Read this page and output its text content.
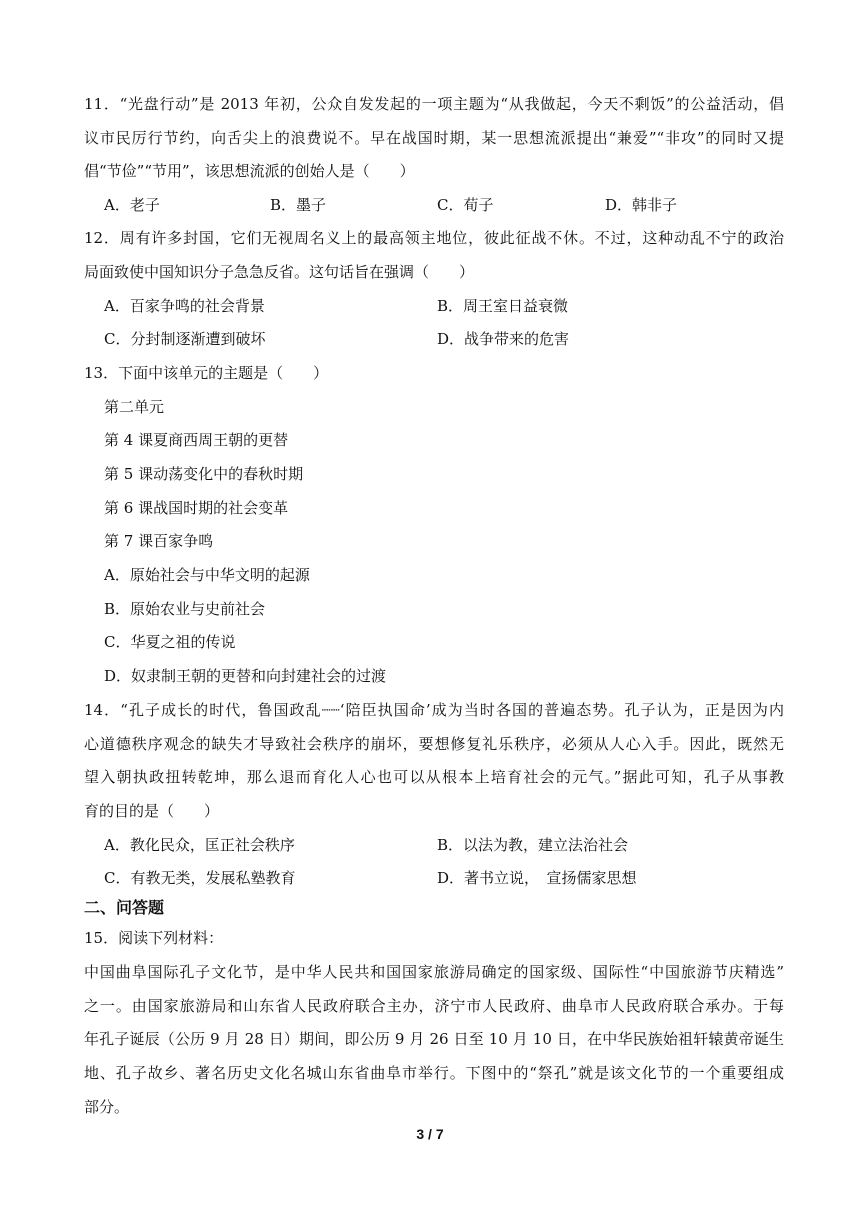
11．“光盘行动”是 2013 年初，公众自发发起的一项主题为“从我做起，今天不剩饭”的公益活动，倡
议市民厉行节约，向舌尖上的浪费说不。早在战国时期，某一思想流派提出“兼爱”“非攻”的同时又提
倡“节俭”“节用”，该思想流派的创始人是（　　）
A．老子	B．墨子	C．荀子	D．韩非子
12．周有许多封国，它们无视周名义上的最高领主地位，彼此征战不休。不过，这种动乱不宁的政治
局面致使中国知识分子急急反省。这句话旨在强调（　　）
A．百家争鸣的社会背景	B．周王室日益衰微
C．分封制逐渐遭到破坏	D．战争带来的危害
13．下面中该单元的主题是（　　）
第二单元
第 4 课夏商西周王朝的更替
第 5 课动荡变化中的春秋时期
第 6 课战国时期的社会变革
第 7 课百家争鸣
A．原始社会与中华文明的起源
B．原始农业与史前社会
C．华夏之祖的传说
D．奴隶制王朝的更替和向封建社会的过渡
14．“孔子成长的时代，鲁国政乱┈┈‘陪臣执国命’成为当时各国的普遍态势。孔子认为，正是因为内
心道德秩序观念的缺失才导致社会秩序的崩坏，要想修复礼乐秩序，必须从人心入手。因此，既然无
望入朝执政扭转乾坤，那么退而育化人心也可以从根本上培育社会的元气。”据此可知，孔子从事教
育的目的是（　　）
A．教化民众，匡正社会秩序	B．以法为教，建立法治社会
C．有教无类，发展私塾教育	D．著书立说，　宣扬儒家思想
二、问答题
15．阅读下列材料：
中国曲阜国际孔子文化节，是中华人民共和国国家旅游局确定的国家级、国际性“中国旅游节庆精选”
之一。由国家旅游局和山东省人民政府联合主办，济宁市人民政府、曲阜市人民政府联合承办。于每
年孔子诞辰（公历 9 月 28 日）期间，即公历 9 月 26 日至 10 月 10 日，在中华民族始祖轩辕黄帝诞生
地、孔子故乡、著名历史文化名城山东省曲阜市举行。下图中的“祭孔”就是该文化节的一个重要组成
部分。
3 / 7
